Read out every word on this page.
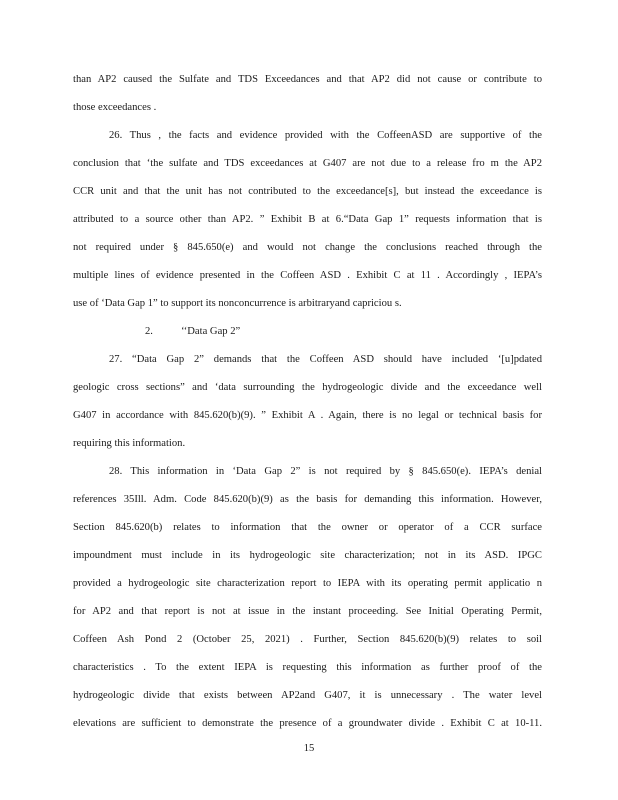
than AP2 caused the Sulfate and TDS Exceedances and that AP2 did not cause or contribute to
those exceedances .
26. Thus , the facts and evidence provided with the CoffeenASD are supportive of the
conclusion that ‘the sulfate and TDS exceedances at G407 are not due to a release fro m the AP2
CCR unit and that the unit has not contributed to the exceedance[s], but instead the exceedance is
attributed to a source other than AP2. ” Exhibit B at 6.“Data Gap 1” requests information that is
not required under § 845.650(e) and would not change the conclusions reached through the
multiple lines of evidence presented in the Coffeen ASD . Exhibit C at 11 . Accordingly , IEPA’s
use of ‘Data Gap 1” to support its nonconcurrence is arbitraryand capriciou s.
2.	‘‘Data Gap 2”
27. “Data Gap 2” demands that the Coffeen ASD should have included ‘[u]pdated
geologic cross sections” and ‘data surrounding the hydrogeologic divide and the exceedance well
G407 in accordance with 845.620(b)(9). ” Exhibit A . Again, there is no legal or technical basis for
requiring this information.
28. This information in ‘Data Gap 2” is not required by § 845.650(e). IEPA’s denial
references 35Ill. Adm. Code 845.620(b)(9) as the basis for demanding this information. However,
Section 845.620(b) relates to information that the owner or operator of a CCR surface
impoundment must include in its hydrogeologic site characterization; not in its ASD. IPGC
provided a hydrogeologic site characterization report to IEPA with its operating permit applicatio n
for AP2 and that report is not at issue in the instant proceeding. See Initial Operating Permit,
Coffeen Ash Pond 2 (October 25, 2021) . Further, Section 845.620(b)(9) relates to soil
characteristics . To the extent IEPA is requesting this information as further proof of the
hydrogeologic divide that exists between AP2and G407, it is unnecessary . The water level
elevations are sufficient to demonstrate the presence of a groundwater divide . Exhibit C at 10-11.
15
